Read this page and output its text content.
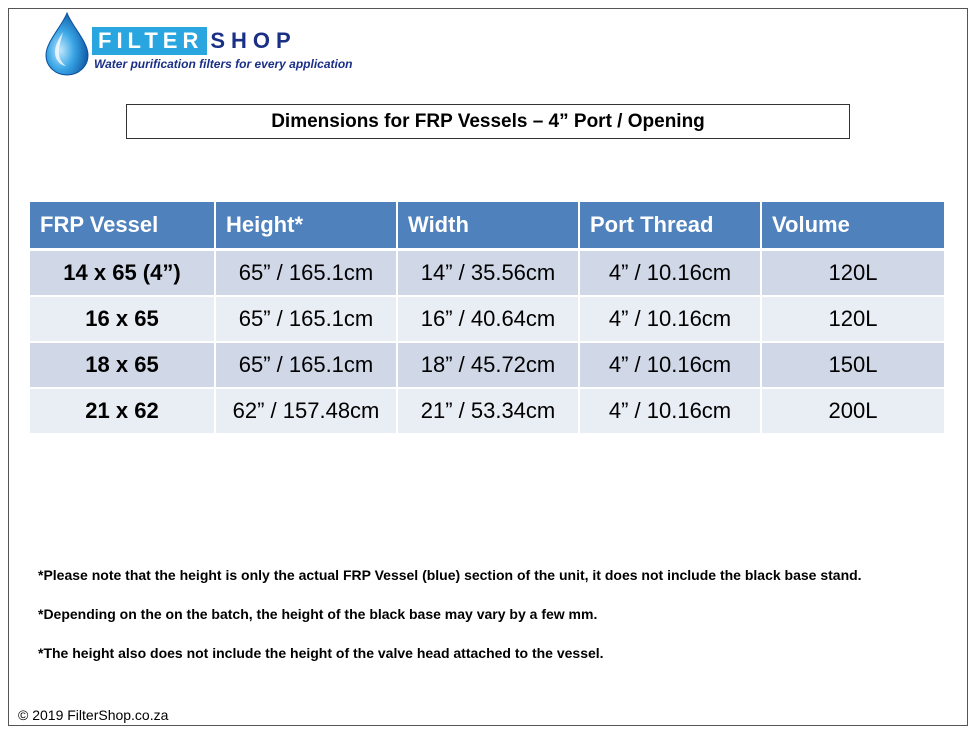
FILTER SHOP
Water purification filters for every application
Dimensions for FRP Vessels – 4” Port / Opening
FRP Vessel	Height*	Width	Port Thread	Volume
14 x 65 (4”)	65” / 165.1cm	14” / 35.56cm	4” / 10.16cm	120L
16 x 65	65” / 165.1cm	16” / 40.64cm	4” / 10.16cm	120L
18 x 65	65” / 165.1cm	18” / 45.72cm	4” / 10.16cm	150L
21 x 62	62” / 157.48cm	21” / 53.34cm	4” / 10.16cm	200L

*Please note that the height is only the actual FRP Vessel (blue) section of the unit, it does not include the black base stand.

*Depending on the on the batch, the height of the black base may vary by a few mm.

*The height also does not include the height of the valve head attached to the vessel.

© 2019 FilterShop.co.za
